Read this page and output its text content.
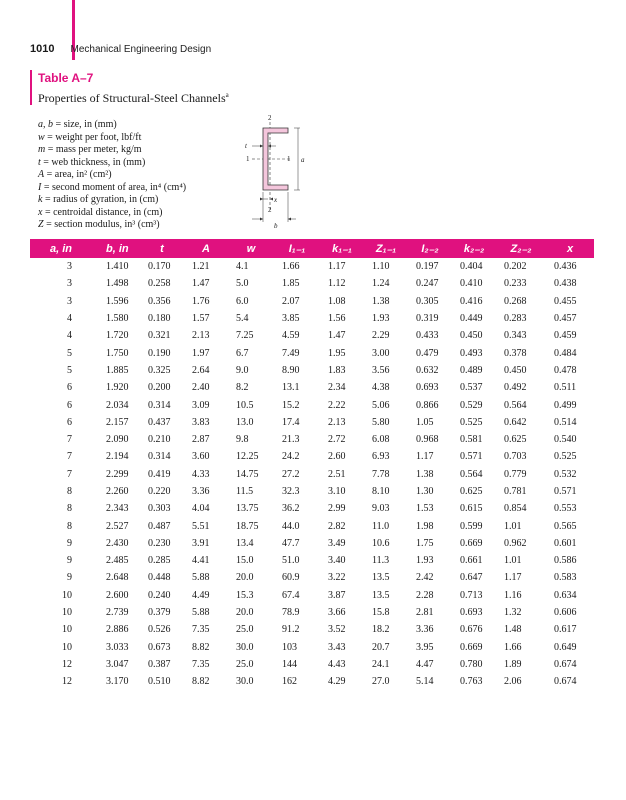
1010 Mechanical Engineering Design
Table A–7
Properties of Structural-Steel Channels$^a$
a, b = size, in (mm)
w = weight per foot, lbf/ft
m = mass per meter, kg/m
t = web thickness, in (mm)
A = area, in² (cm²)
I = second moment of area, in⁴ (cm⁴)
k = radius of gyration, in (cm)
x = centroidal distance, in (cm)
Z = section modulus, in³ (cm³)
2
t
1	1 a
x
2
b
a, in	b, in	t	A	w	I₁₋₁	k₁₋₁	Z₁₋₁	I₂₋₂	k₂₋₂	Z₂₋₂	x
3	1.410	0.170	1.21	4.1	1.66	1.17	1.10	0.197	0.404	0.202	0.436
3	1.498	0.258	1.47	5.0	1.85	1.12	1.24	0.247	0.410	0.233	0.438
3	1.596	0.356	1.76	6.0	2.07	1.08	1.38	0.305	0.416	0.268	0.455
4	1.580	0.180	1.57	5.4	3.85	1.56	1.93	0.319	0.449	0.283	0.457
4	1.720	0.321	2.13	7.25	4.59	1.47	2.29	0.433	0.450	0.343	0.459
5	1.750	0.190	1.97	6.7	7.49	1.95	3.00	0.479	0.493	0.378	0.484
5	1.885	0.325	2.64	9.0	8.90	1.83	3.56	0.632	0.489	0.450	0.478
6	1.920	0.200	2.40	8.2	13.1	2.34	4.38	0.693	0.537	0.492	0.511
6	2.034	0.314	3.09	10.5	15.2	2.22	5.06	0.866	0.529	0.564	0.499
6	2.157	0.437	3.83	13.0	17.4	2.13	5.80	1.05	0.525	0.642	0.514
7	2.090	0.210	2.87	9.8	21.3	2.72	6.08	0.968	0.581	0.625	0.540
7	2.194	0.314	3.60	12.25	24.2	2.60	6.93	1.17	0.571	0.703	0.525
7	2.299	0.419	4.33	14.75	27.2	2.51	7.78	1.38	0.564	0.779	0.532
8	2.260	0.220	3.36	11.5	32.3	3.10	8.10	1.30	0.625	0.781	0.571
8	2.343	0.303	4.04	13.75	36.2	2.99	9.03	1.53	0.615	0.854	0.553
8	2.527	0.487	5.51	18.75	44.0	2.82	11.0	1.98	0.599	1.01	0.565
9	2.430	0.230	3.91	13.4	47.7	3.49	10.6	1.75	0.669	0.962	0.601
9	2.485	0.285	4.41	15.0	51.0	3.40	11.3	1.93	0.661	1.01	0.586
9	2.648	0.448	5.88	20.0	60.9	3.22	13.5	2.42	0.647	1.17	0.583
10	2.600	0.240	4.49	15.3	67.4	3.87	13.5	2.28	0.713	1.16	0.634
10	2.739	0.379	5.88	20.0	78.9	3.66	15.8	2.81	0.693	1.32	0.606
10	2.886	0.526	7.35	25.0	91.2	3.52	18.2	3.36	0.676	1.48	0.617
10	3.033	0.673	8.82	30.0	103	3.43	20.7	3.95	0.669	1.66	0.649
12	3.047	0.387	7.35	25.0	144	4.43	24.1	4.47	0.780	1.89	0.674
12	3.170	0.510	8.82	30.0	162	4.29	27.0	5.14	0.763	2.06	0.674
